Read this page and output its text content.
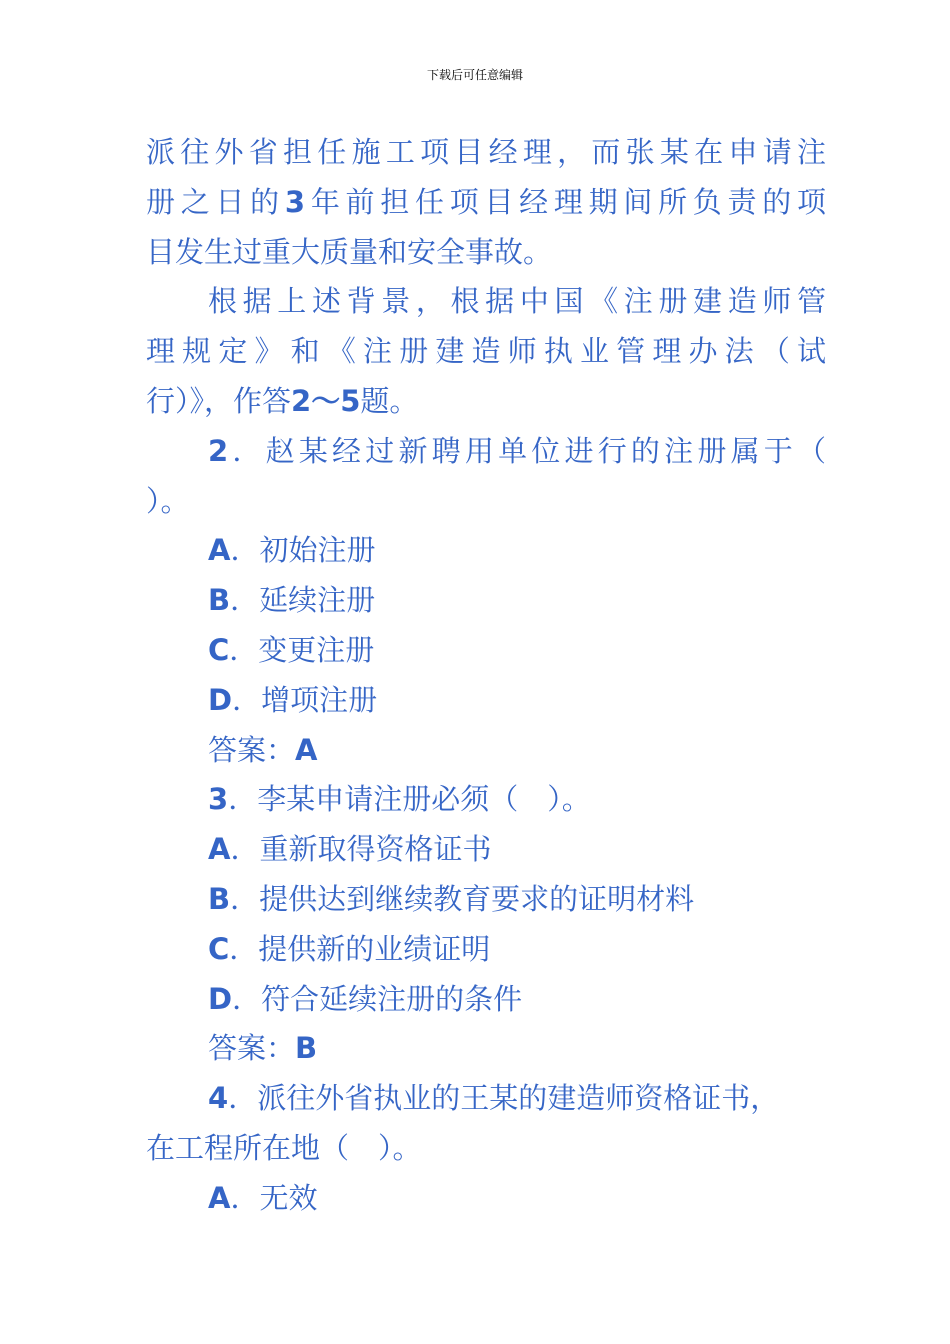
下载后可任意编辑

派往外省担任施工项目经理，而张某在申请注

册之日的3年前担任项目经理期间所负责的项

目发生过重大质量和安全事故。

根据上述背景，根据中国《注册建造师管

理规定》和《注册建造师执业管理办法（试

行）》，作答2～5题。

2．赵某经过新聘用单位进行的注册属于（

）。

A．初始注册

B．延续注册

C．变更注册

D．增项注册

答案：A

3．李某申请注册必须（　）。

A．重新取得资格证书

B．提供达到继续教育要求的证明材料

C．提供新的业绩证明

D．符合延续注册的条件

答案：B

4．派往外省执业的王某的建造师资格证书，

在工程所在地（　）。

A．无效
